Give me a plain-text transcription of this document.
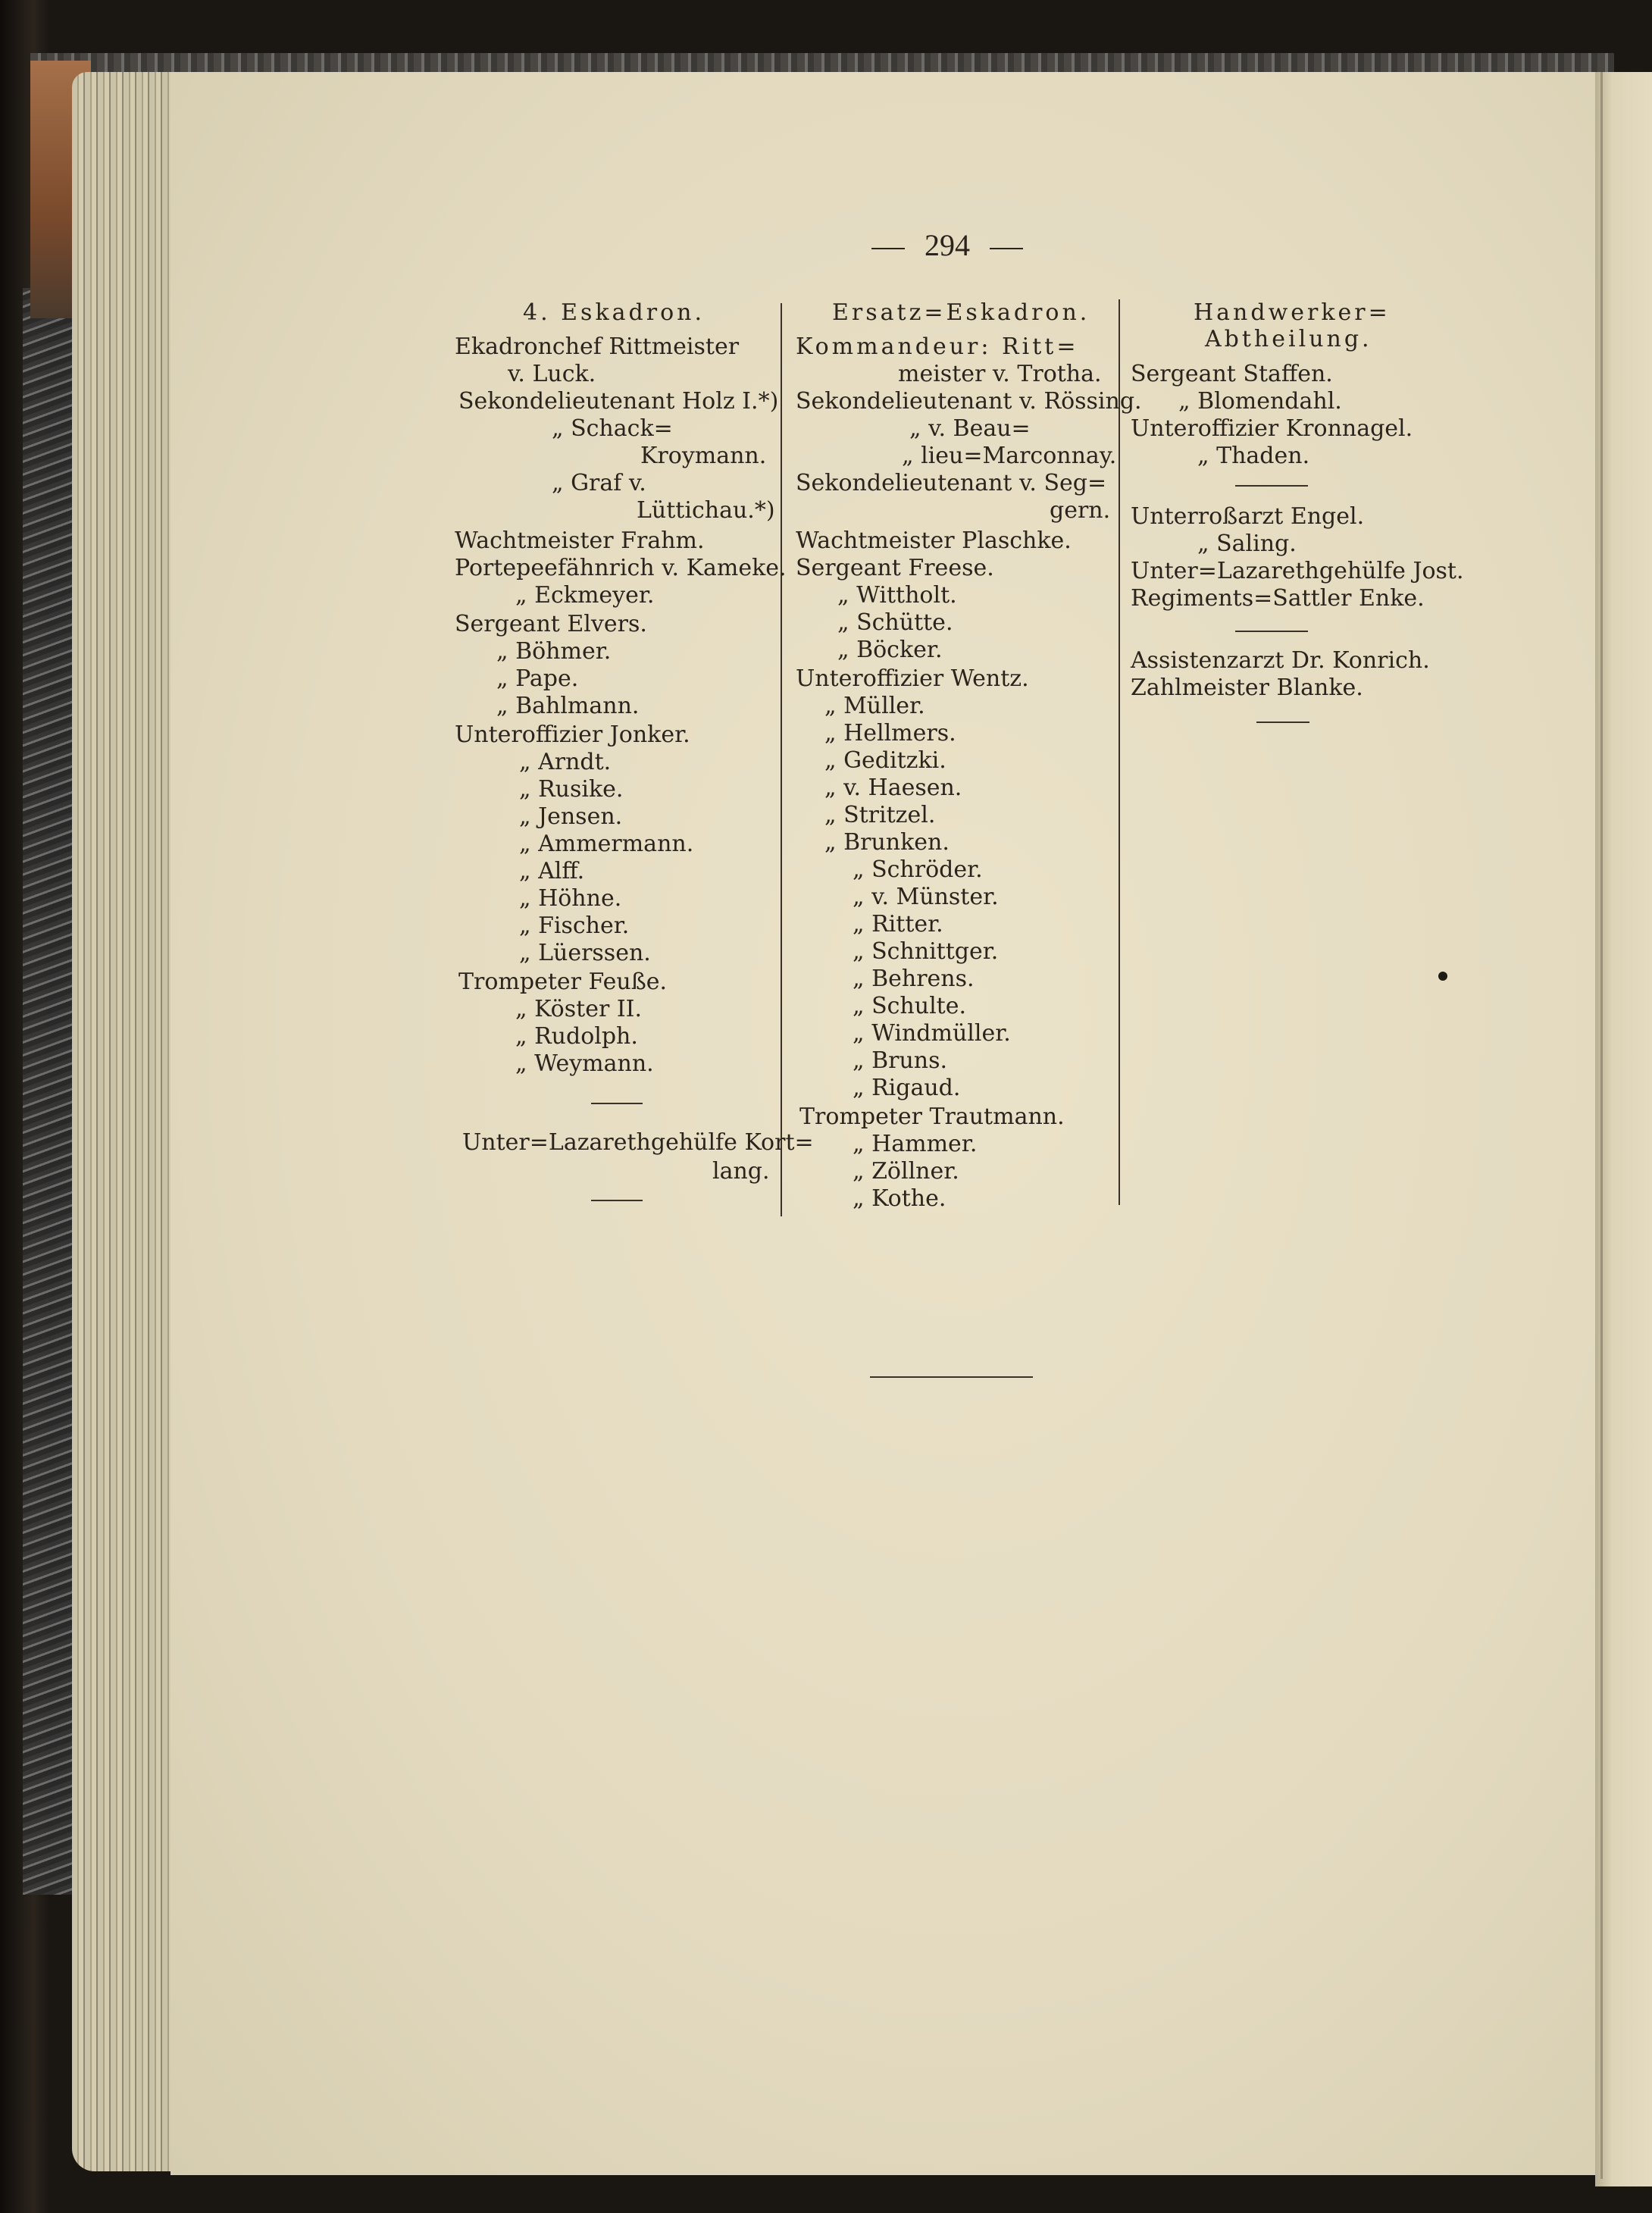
294
4. Eskadron.
Ekadronchef Rittmeister
v. Luck.
Sekondelieutenant Holz I.*)
„ Schack=
Kroymann.
„ Graf v.
Lüttichau.*)
Wachtmeister Frahm.
Portepeefähnrich v. Kameke.
„ Eckmeyer.
Sergeant Elvers.
„ Böhmer.
„ Pape.
„ Bahlmann.
Unteroffizier Jonker.
„ Arndt.
„ Rusike.
„ Jensen.
„ Ammermann.
„ Alff.
„ Höhne.
„ Fischer.
„ Lüerssen.
Trompeter Feuße.
„ Köster II.
„ Rudolph.
„ Weymann.
Unter=Lazarethgehülfe Kort=
lang.
Ersatz=Eskadron.
Kommandeur: Ritt=
meister v. Trotha.
Sekondelieutenant v. Rössing.
„ v. Beau=
„ lieu=Marconnay.
Sekondelieutenant v. Seg=
gern.
Wachtmeister Plaschke.
Sergeant Freese.
„ Wittholt.
„ Schütte.
„ Böcker.
Unteroffizier Wentz.
„ Müller.
„ Hellmers.
„ Geditzki.
„ v. Haesen.
„ Stritzel.
„ Brunken.
„ Schröder.
„ v. Münster.
„ Ritter.
„ Schnittger.
„ Behrens.
„ Schulte.
„ Windmüller.
„ Bruns.
„ Rigaud.
Trompeter Trautmann.
„ Hammer.
„ Zöllner.
„ Kothe.
Handwerker=
Abtheilung.
Sergeant Staffen.
„ Blomendahl.
Unteroffizier Kronnagel.
„ Thaden.
Unterroßarzt Engel.
„ Saling.
Unter=Lazarethgehülfe Jost.
Regiments=Sattler Enke.
Assistenzarzt Dr. Konrich.
Zahlmeister Blanke.
